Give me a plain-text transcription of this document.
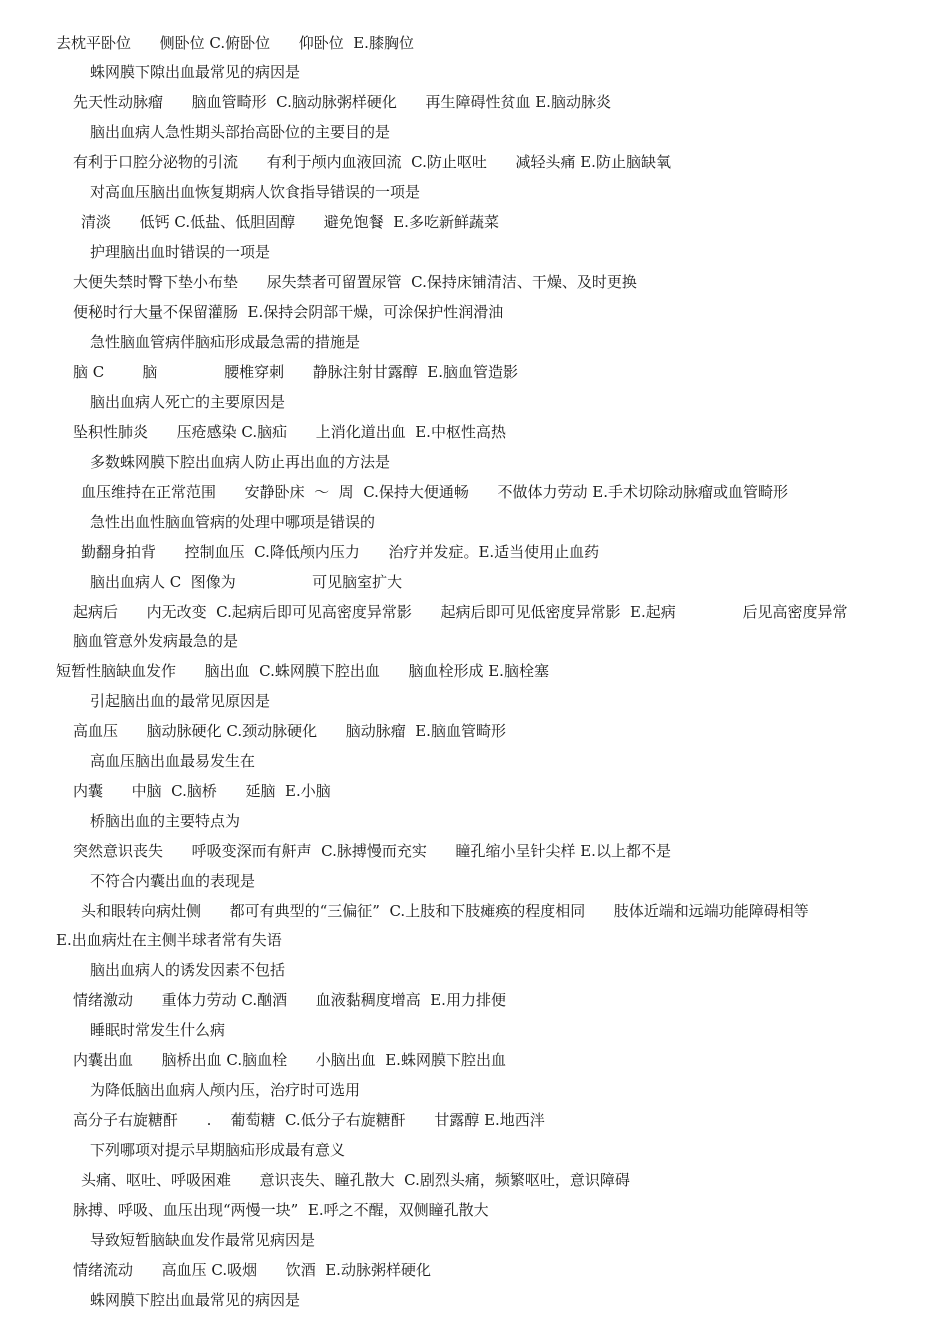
去枕平卧位      侧卧位 C.俯卧位      仰卧位  E.膝胸位
蛛网膜下隙出血最常见的病因是
先天性动脉瘤      脑血管畸形  C.脑动脉粥样硬化      再生障碍性贫血 E.脑动脉炎
脑出血病人急性期头部抬高卧位的主要目的是
有利于口腔分泌物的引流      有利于颅内血液回流  C.防止呕吐      减轻头痛 E.防止脑缺氧
对高血压脑出血恢复期病人饮食指导错误的一项是
清淡      低钙 C.低盐、低胆固醇      避免饱餐  E.多吃新鲜蔬菜
护理脑出血时错误的一项是
大便失禁时臀下垫小布垫      尿失禁者可留置尿管  C.保持床铺清洁、干燥、及时更换
便秘时行大量不保留灌肠  E.保持会阴部干燥，可涂保护性润滑油
急性脑血管病伴脑疝形成最急需的措施是
脑 C        脑              腰椎穿刺      静脉注射甘露醇  E.脑血管造影
脑出血病人死亡的主要原因是
坠积性肺炎      压疮感染 C.脑疝      上消化道出血  E.中枢性高热
多数蛛网膜下腔出血病人防止再出血的方法是
血压维持在正常范围      安静卧床  ～  周  C.保持大便通畅      不做体力劳动 E.手术切除动脉瘤或血管畸形
急性出血性脑血管病的处理中哪项是错误的
勤翻身拍背      控制血压  C.降低颅内压力      治疗并发症。E.适当使用止血药
脑出血病人 C  图像为                可见脑室扩大
起病后      内无改变  C.起病后即可见高密度异常影      起病后即可见低密度异常影  E.起病              后见高密度异常
脑血管意外发病最急的是
短暂性脑缺血发作      脑出血  C.蛛网膜下腔出血      脑血栓形成 E.脑栓塞
引起脑出血的最常见原因是
高血压      脑动脉硬化 C.颈动脉硬化      脑动脉瘤  E.脑血管畸形
高血压脑出血最易发生在
内囊      中脑  C.脑桥      延脑  E.小脑
桥脑出血的主要特点为
突然意识丧失      呼吸变深而有鼾声  C.脉搏慢而充实      瞳孔缩小呈针尖样 E.以上都不是
不符合内囊出血的表现是
头和眼转向病灶侧      都可有典型的“三偏征”  C.上肢和下肢瘫痪的程度相同      肢体近端和远端功能障碍相等
E.出血病灶在主侧半球者常有失语
脑出血病人的诱发因素不包括
情绪激动      重体力劳动 C.酗酒      血液黏稠度增高  E.用力排便
睡眠时常发生什么病
内囊出血      脑桥出血 C.脑血栓      小脑出血  E.蛛网膜下腔出血
为降低脑出血病人颅内压，治疗时可选用
高分子右旋糖酐      .    葡萄糖  C.低分子右旋糖酐      甘露醇 E.地西泮
下列哪项对提示早期脑疝形成最有意义
头痛、呕吐、呼吸困难      意识丧失、瞳孔散大  C.剧烈头痛，频繁呕吐，意识障碍
脉搏、呼吸、血压出现“两慢一块”  E.呼之不醒，双侧瞳孔散大
导致短暂脑缺血发作最常见病因是
情绪流动      高血压 C.吸烟      饮酒  E.动脉粥样硬化
蛛网膜下腔出血最常见的病因是
